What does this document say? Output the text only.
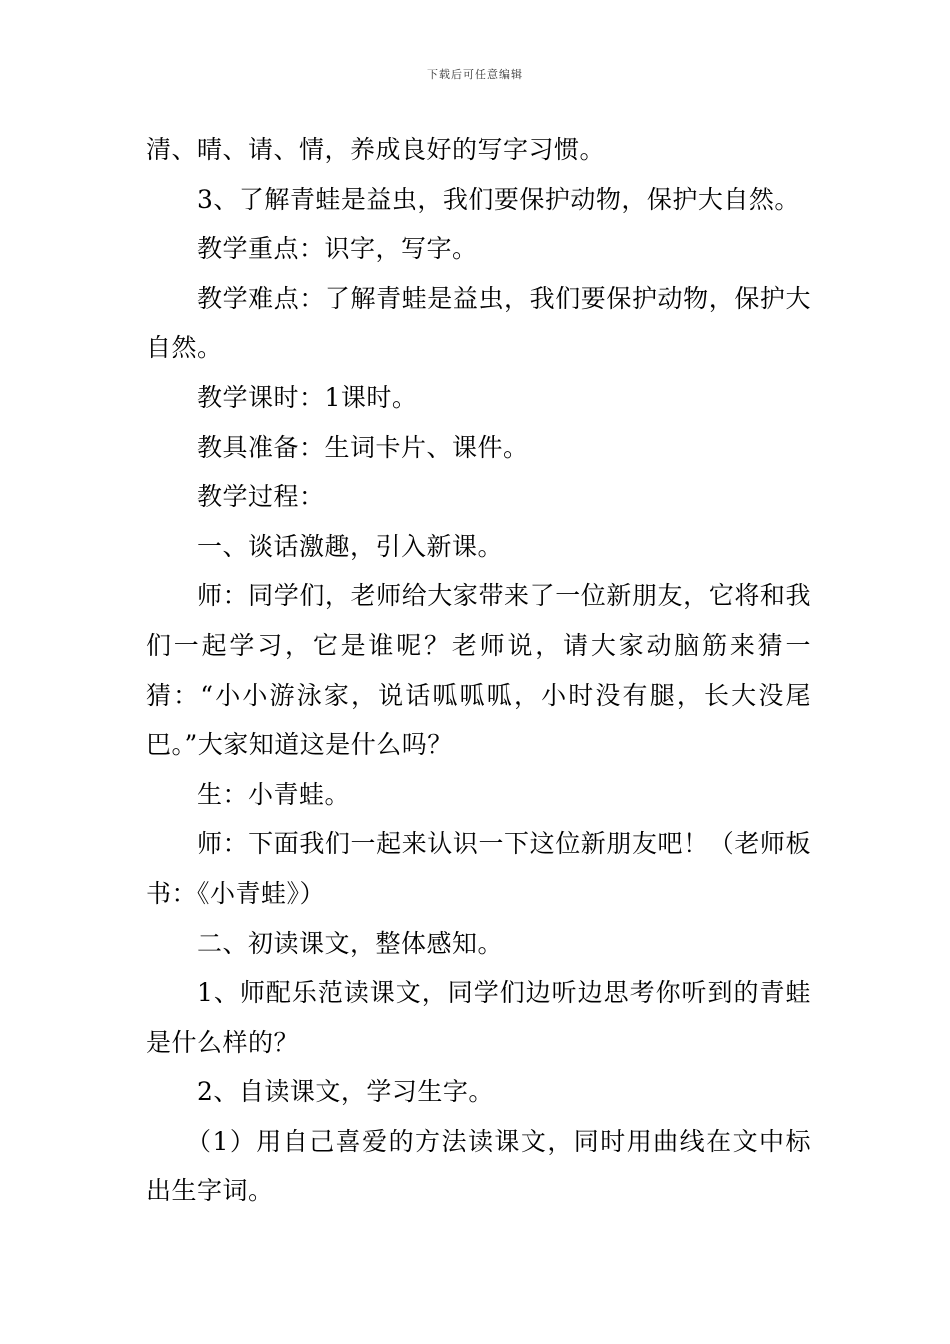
下载后可任意编辑

清、晴、请、情，养成良好的写字习惯。

3、了解青蛙是益虫，我们要保护动物，保护大自然。

教学重点：识字，写字。

教学难点：了解青蛙是益虫，我们要保护动物，保护大自然。

教学课时：1课时。

教具准备：生词卡片、课件。

教学过程：

一、谈话激趣，引入新课。

师：同学们，老师给大家带来了一位新朋友，它将和我们一起学习，它是谁呢？老师说，请大家动脑筋来猜一猜：“小小游泳家，说话呱呱呱，小时没有腿，长大没尾巴。”大家知道这是什么吗？

生：小青蛙。

师：下面我们一起来认识一下这位新朋友吧！（老师板书：《小青蛙》）

二、初读课文，整体感知。

1、师配乐范读课文，同学们边听边思考你听到的青蛙是什么样的？

2、自读课文，学习生字。

（1）用自己喜爱的方法读课文，同时用曲线在文中标出生字词。
